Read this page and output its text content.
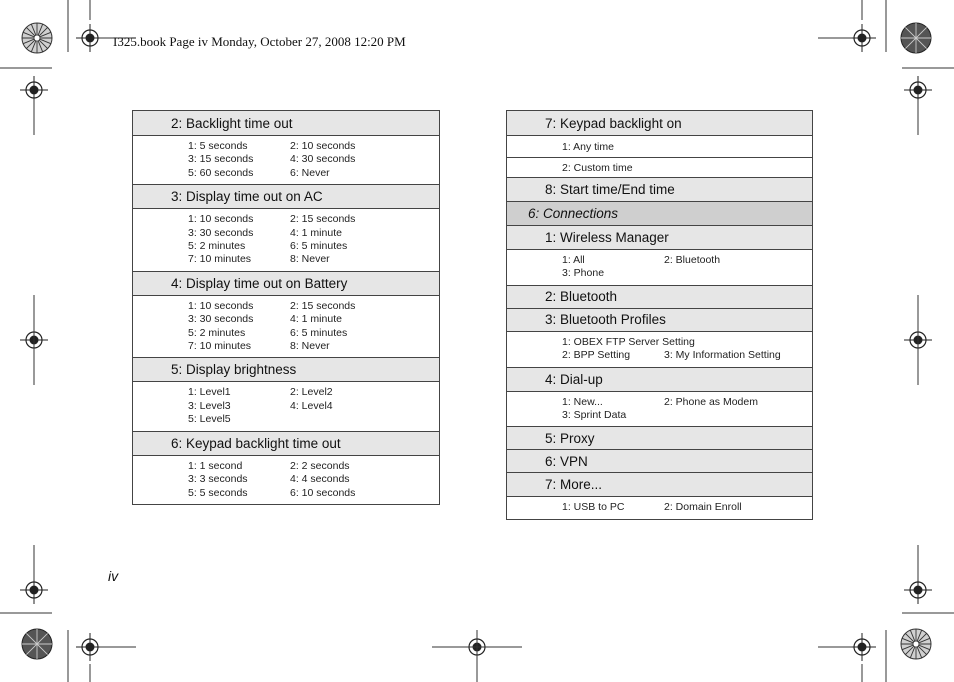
I325.book Page iv Monday, October 27, 2008 12:20 PM
2: Backlight time out
1: 5 seconds	2: 10 seconds
3: 15 seconds	4: 30 seconds
5: 60 seconds	6: Never
3: Display time out on AC
1: 10 seconds	2: 15 seconds
3: 30 seconds	4: 1 minute
5: 2 minutes	6: 5 minutes
7: 10 minutes	8: Never
4: Display time out on Battery
1: 10 seconds	2: 15 seconds
3: 30 seconds	4: 1 minute
5: 2 minutes	6: 5 minutes
7: 10 minutes	8: Never
5: Display brightness
1: Level1	2: Level2
3: Level3	4: Level4
5: Level5
6: Keypad backlight time out
1: 1 second	2: 2 seconds
3: 3 seconds	4: 4 seconds
5: 5 seconds	6: 10 seconds
7: Keypad backlight on
1: Any time
2: Custom time
8: Start time/End time
6: Connections
1: Wireless Manager
1: All	2: Bluetooth
3: Phone
2: Bluetooth
3: Bluetooth Profiles
1: OBEX FTP Server Setting
2: BPP Setting	3: My Information Setting
4: Dial-up
1: New...	2: Phone as Modem
3: Sprint Data
5: Proxy
6: VPN
7: More...
1: USB to PC	2: Domain Enroll
iv
